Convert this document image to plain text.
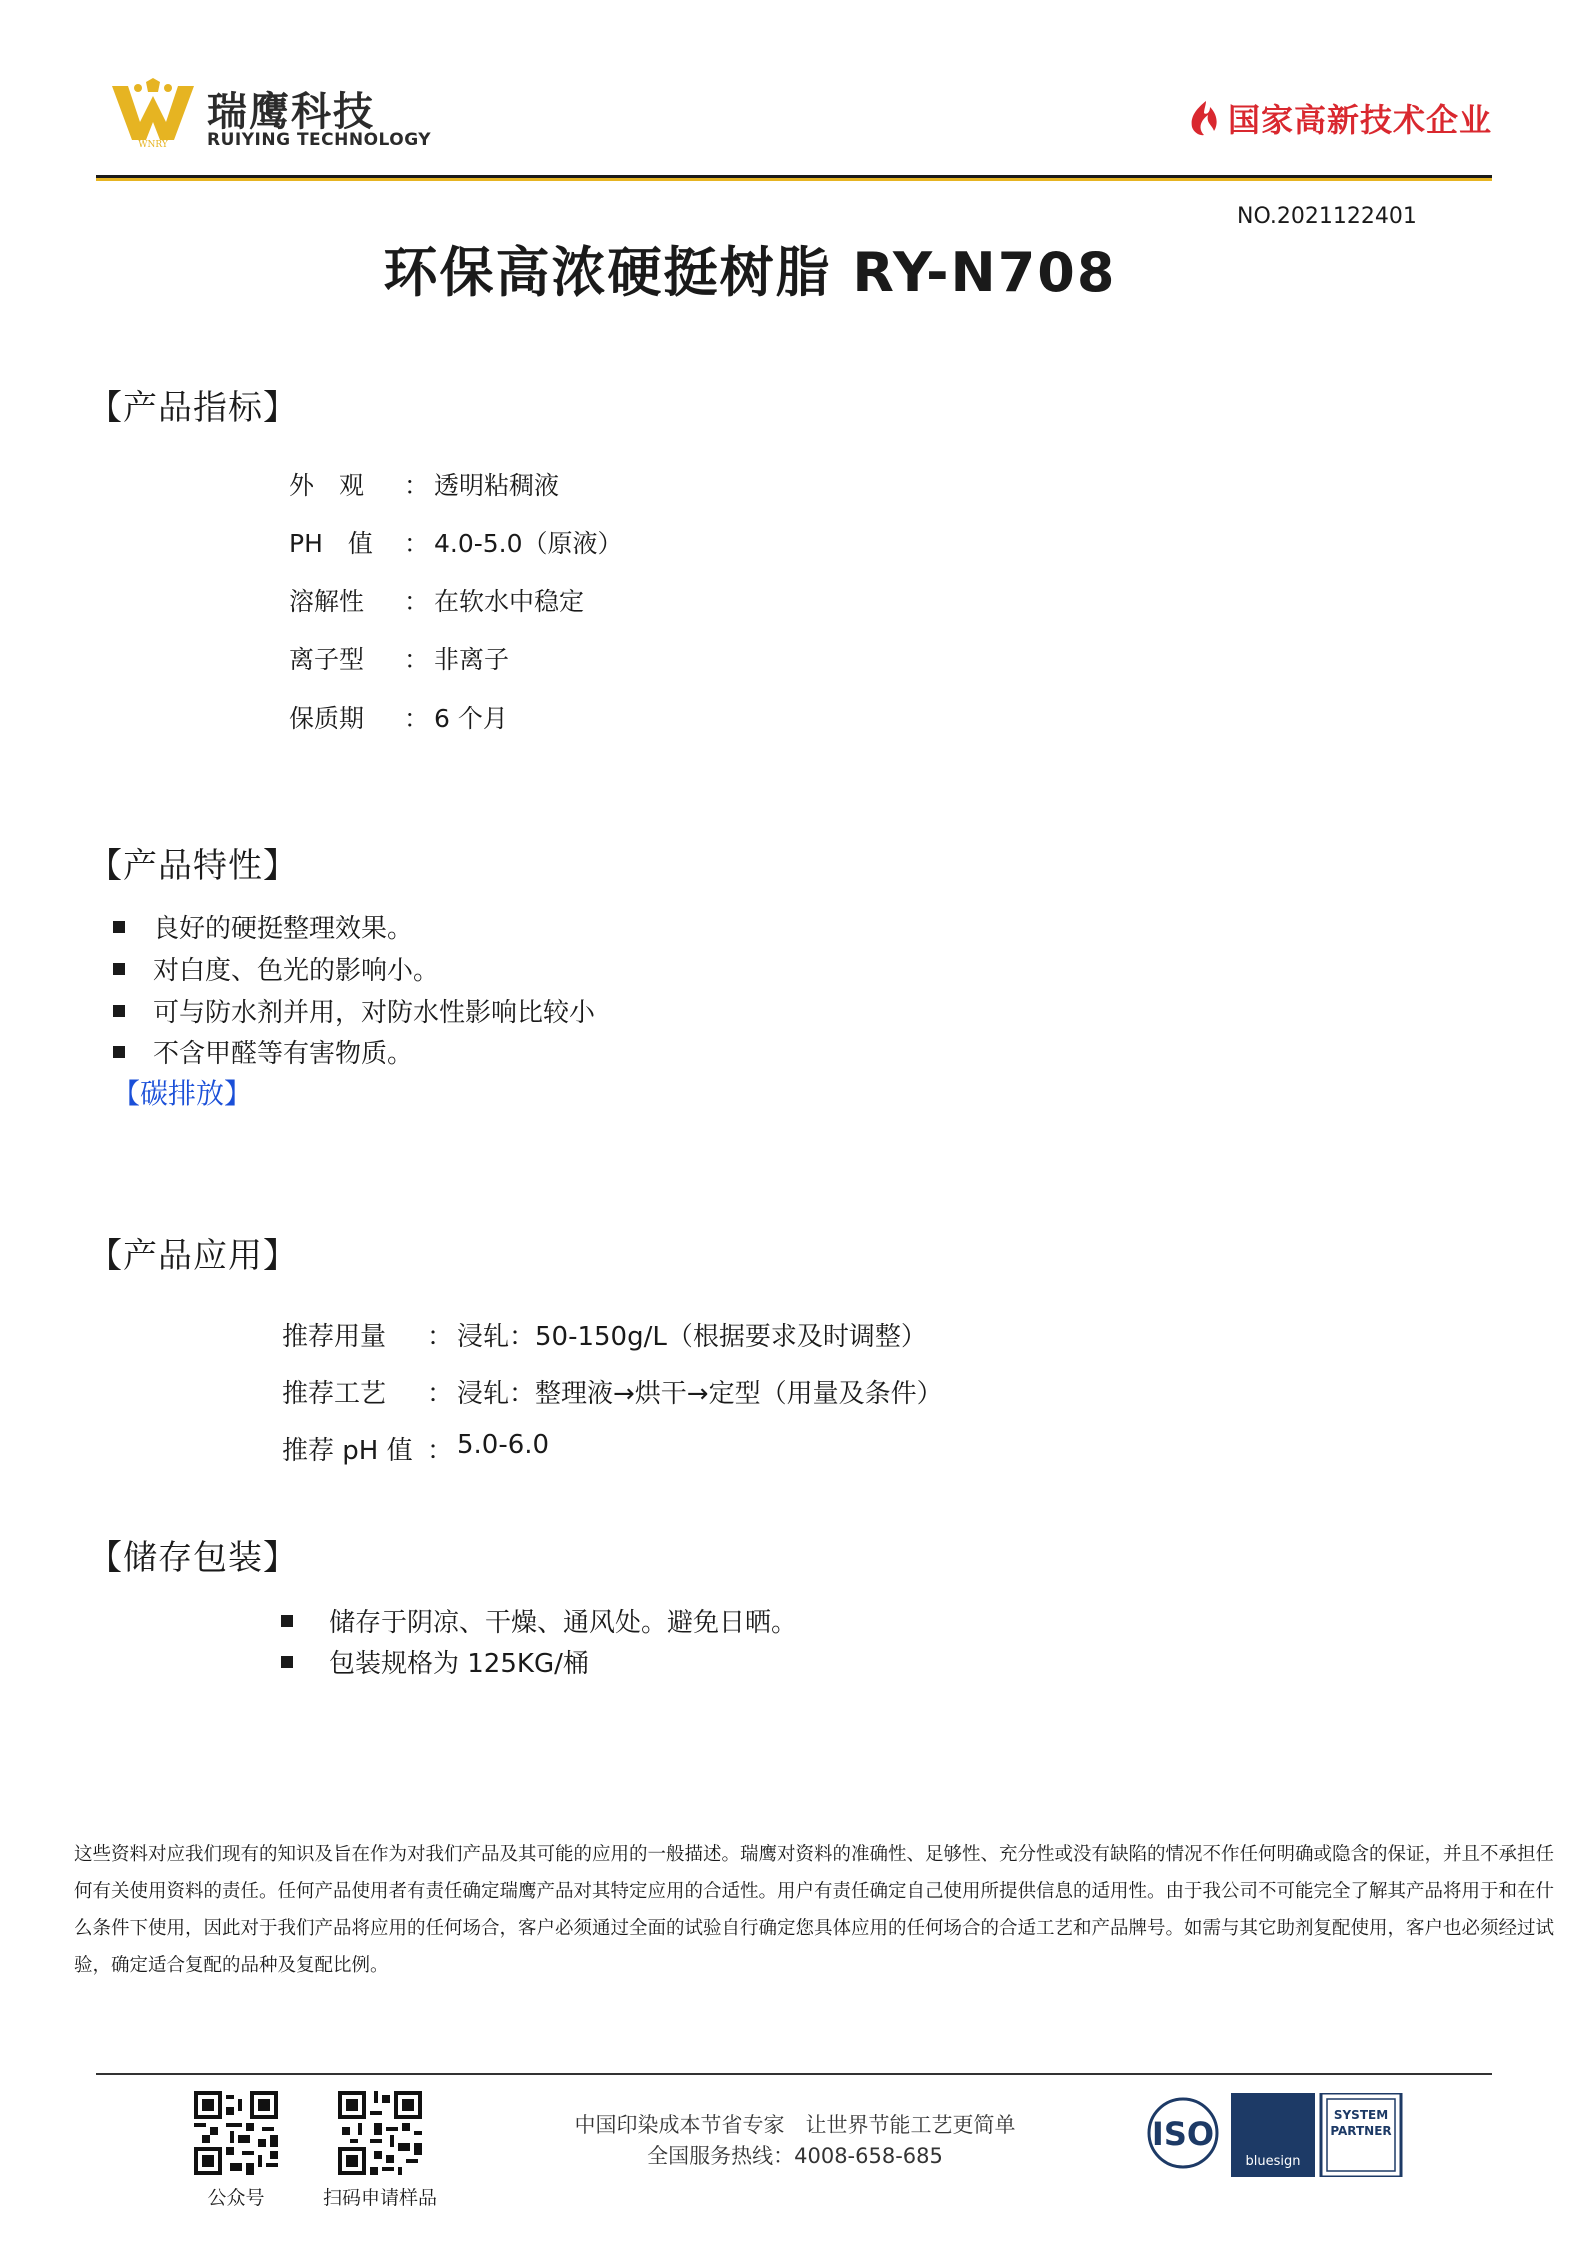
WNRY
瑞鹰科技
RUIYING TECHNOLOGY
国家高新技术企业
NO.2021122401
环保高浓硬挺树脂 RY-N708
【产品指标】
外　观	： 透明粘稠液
PH　值 ： 4.0-5.0（原液）
溶解性	： 在软水中稳定
离子型	： 非离子
保质期	： 6 个月
【产品特性】
良好的硬挺整理效果。
对白度、色光的影响小。
可与防水剂并用，对防水性影响比较小
不含甲醛等有害物质。
【碳排放】
【产品应用】
推荐用量 ： 浸轧：50-150g/L（根据要求及时调整）
推荐工艺 ： 浸轧：整理液→烘干→定型（用量及条件）
推荐 pH 值 ： 5.0-6.0
【储存包装】
储存于阴凉、干燥、通风处。避免日晒。
包装规格为 125KG/桶
这些资料对应我们现有的知识及旨在作为对我们产品及其可能的应用的一般描述。瑞鹰对资料的准确性、足够性、充分性或没有缺陷的情况不作任何明确或隐含的保证，并且不承担任何有关使用资料的责任。任何产品使用者有责任确定瑞鹰产品对其特定应用的合适性。用户有责任确定自己使用所提供信息的适用性。由于我公司不可能完全了解其产品将用于和在什么条件下使用，因此对于我们产品将应用的任何场合，客户必须通过全面的试验自行确定您具体应用的任何场合的合适工艺和产品牌号。如需与其它助剂复配使用，客户也必须经过试验，确定适合复配的品种及复配比例。
公众号	扫码申请样品
中国印染成本节省专家　让世界节能工艺更简单
全国服务热线：4008-658-685
ISO
bluesign
SYSTEM
PARTNER
